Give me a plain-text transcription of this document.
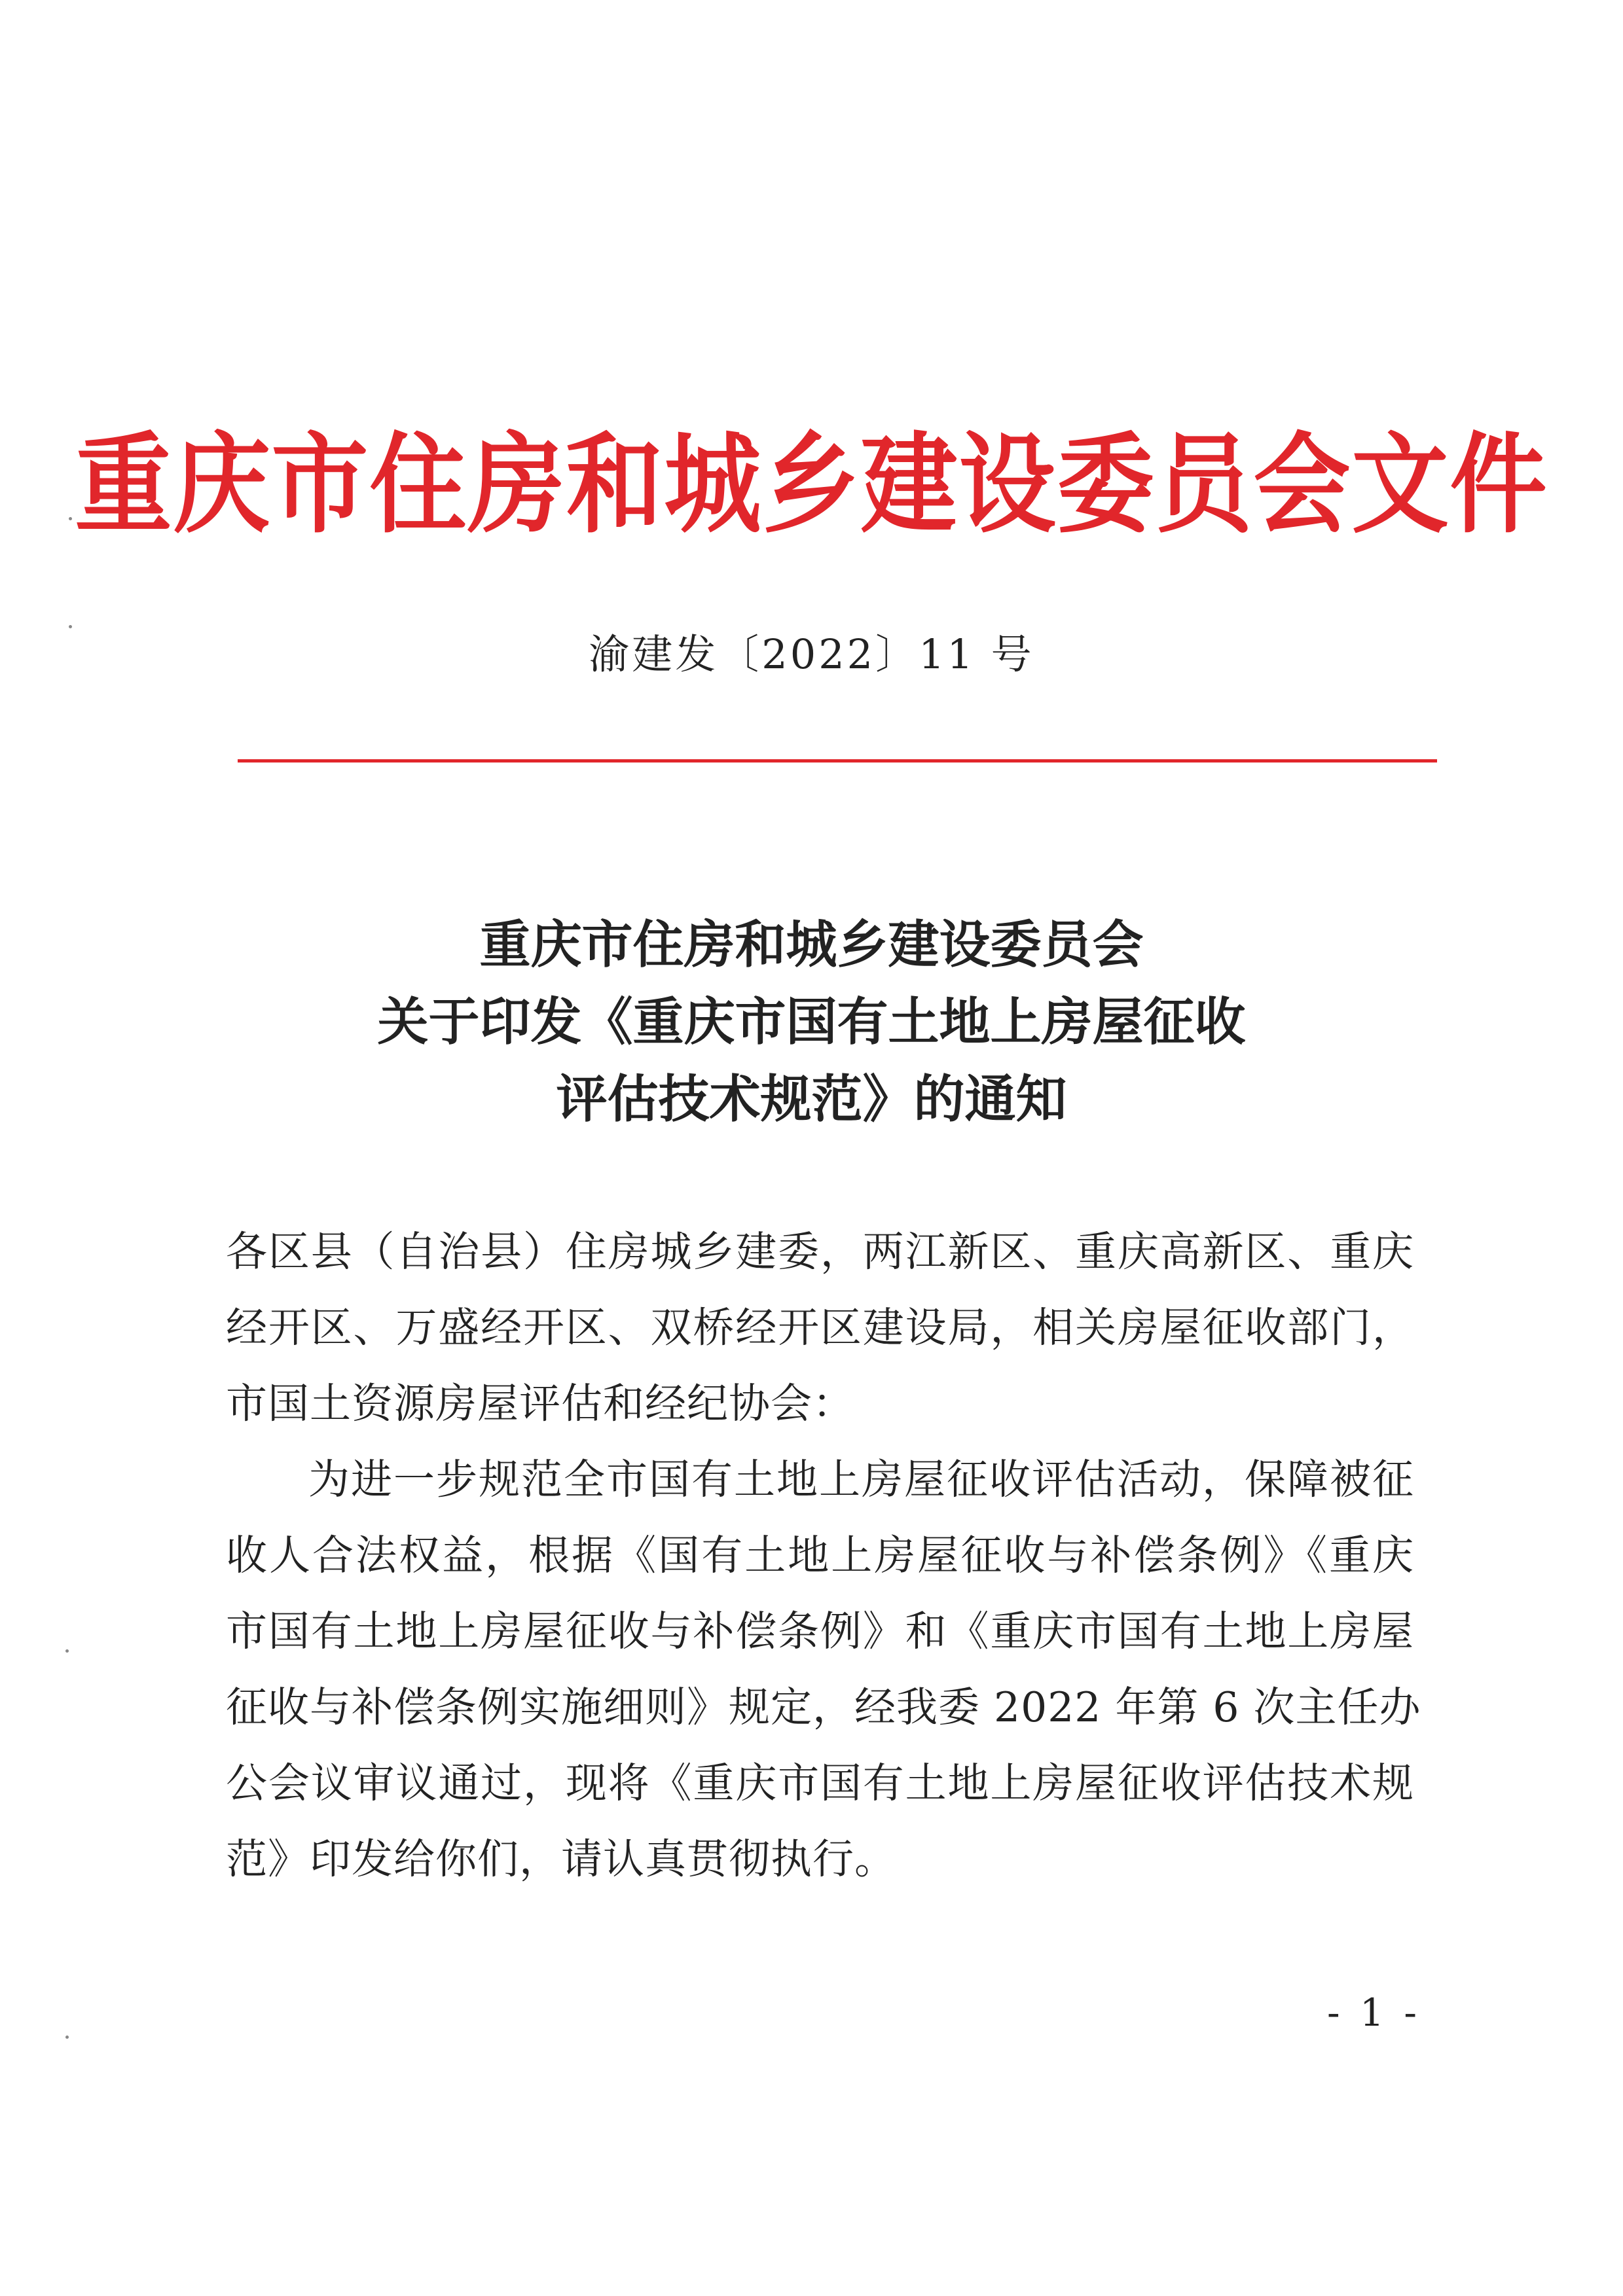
重庆市住房和城乡建设委员会文件
渝建发〔2022〕11 号
重庆市住房和城乡建设委员会
关于印发《重庆市国有土地上房屋征收
评估技术规范》的通知
各区县（自治县）住房城乡建委，两江新区、重庆高新区、重庆
经开区、万盛经开区、双桥经开区建设局，相关房屋征收部门，
市国土资源房屋评估和经纪协会：
为进一步规范全市国有土地上房屋征收评估活动，保障被征
收人合法权益，根据《国有土地上房屋征收与补偿条例》《重庆
市国有土地上房屋征收与补偿条例》和《重庆市国有土地上房屋
征收与补偿条例实施细则》规定，经我委 2022 年第 6 次主任办
公会议审议通过，现将《重庆市国有土地上房屋征收评估技术规
范》印发给你们，请认真贯彻执行。
- 1 -
